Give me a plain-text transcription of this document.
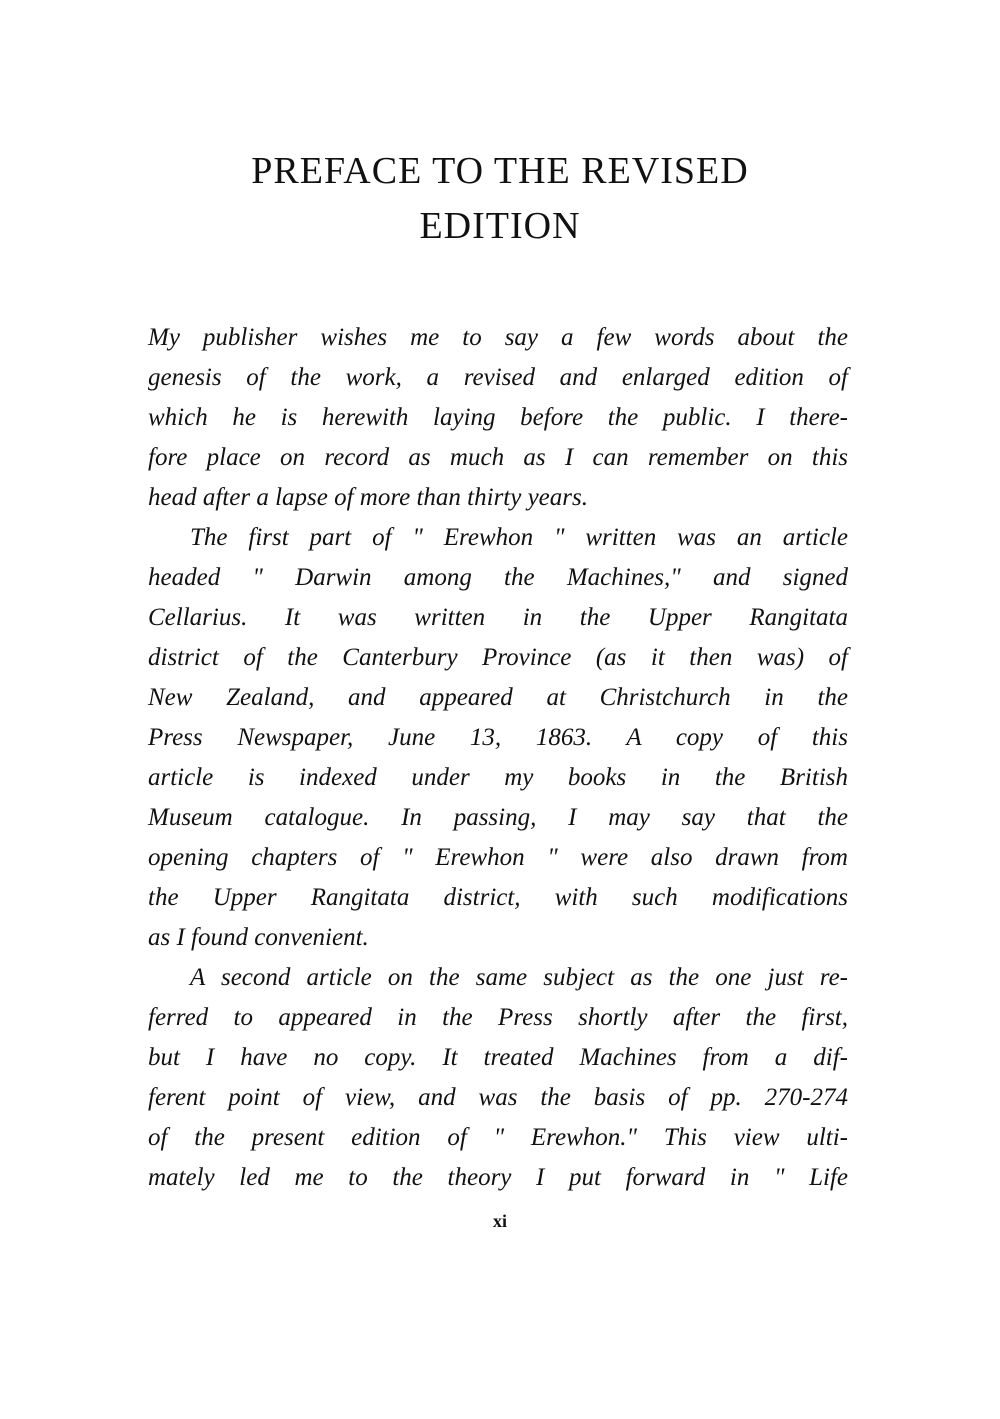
PREFACE TO THE REVISED
EDITION
My publisher wishes me to say a few words about the
genesis of the work, a revised and enlarged edition of
which he is herewith laying before the public. I there-
fore place on record as much as I can remember on this
head after a lapse of more than thirty years.
The first part of " Erewhon " written was an article
headed " Darwin among the Machines," and signed
Cellarius. It was written in the Upper Rangitata
district of the Canterbury Province (as it then was) of
New Zealand, and appeared at Christchurch in the
Press Newspaper, June 13, 1863. A copy of this
article is indexed under my books in the British
Museum catalogue. In passing, I may say that the
opening chapters of " Erewhon " were also drawn from
the Upper Rangitata district, with such modifications
as I found convenient.
A second article on the same subject as the one just re-
ferred to appeared in the Press shortly after the first,
but I have no copy. It treated Machines from a dif-
ferent point of view, and was the basis of pp. 270-274
of the present edition of " Erewhon." This view ulti-
mately led me to the theory I put forward in " Life
xi
